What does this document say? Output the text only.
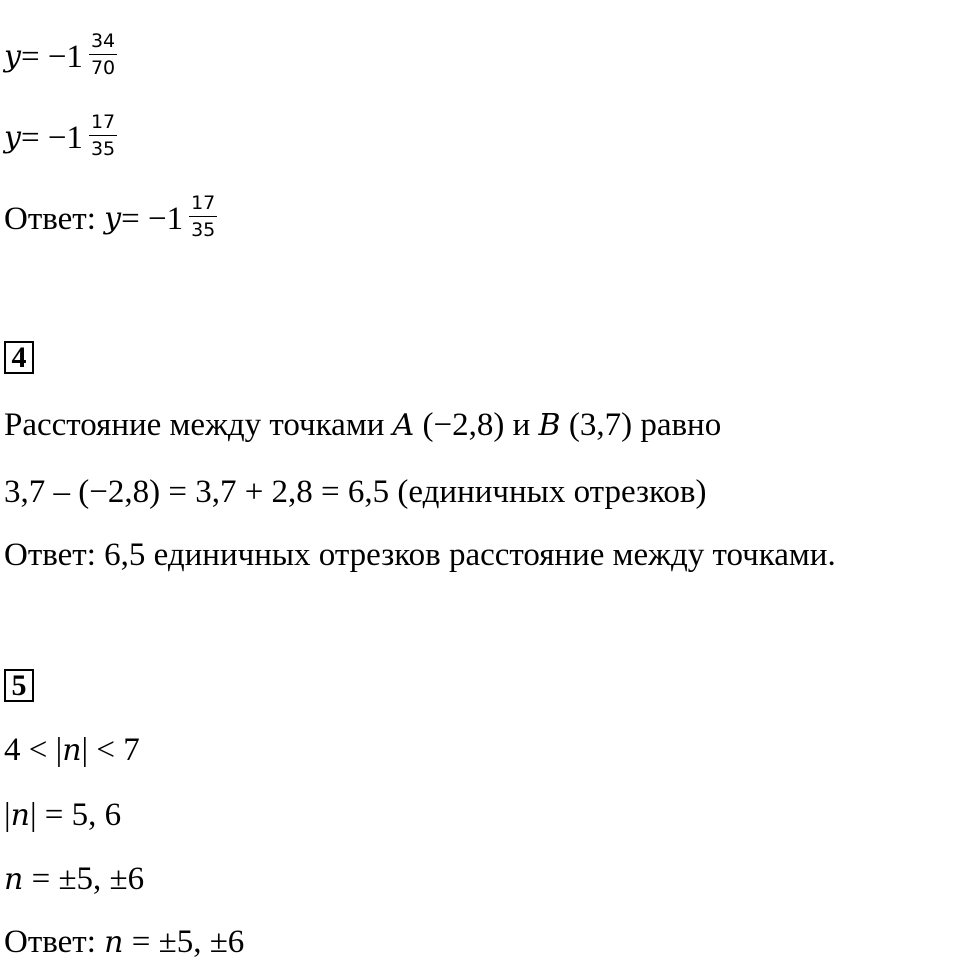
$y = -1 \frac{34}{70}$
$y = -1 \frac{17}{35}$
Ответ: $y = -1 \frac{17}{35}$
4
Расстояние между точками A (−2,8) и B (3,7) равно
3,7 – (−2,8) = 3,7 + 2,8 = 6,5 (единичных отрезков)
Ответ: 6,5 единичных отрезков расстояние между точками.
5
4 < | n | < 7
| n | = 5, 6
n = ±5, ±6
Ответ: n = ±5, ±6
